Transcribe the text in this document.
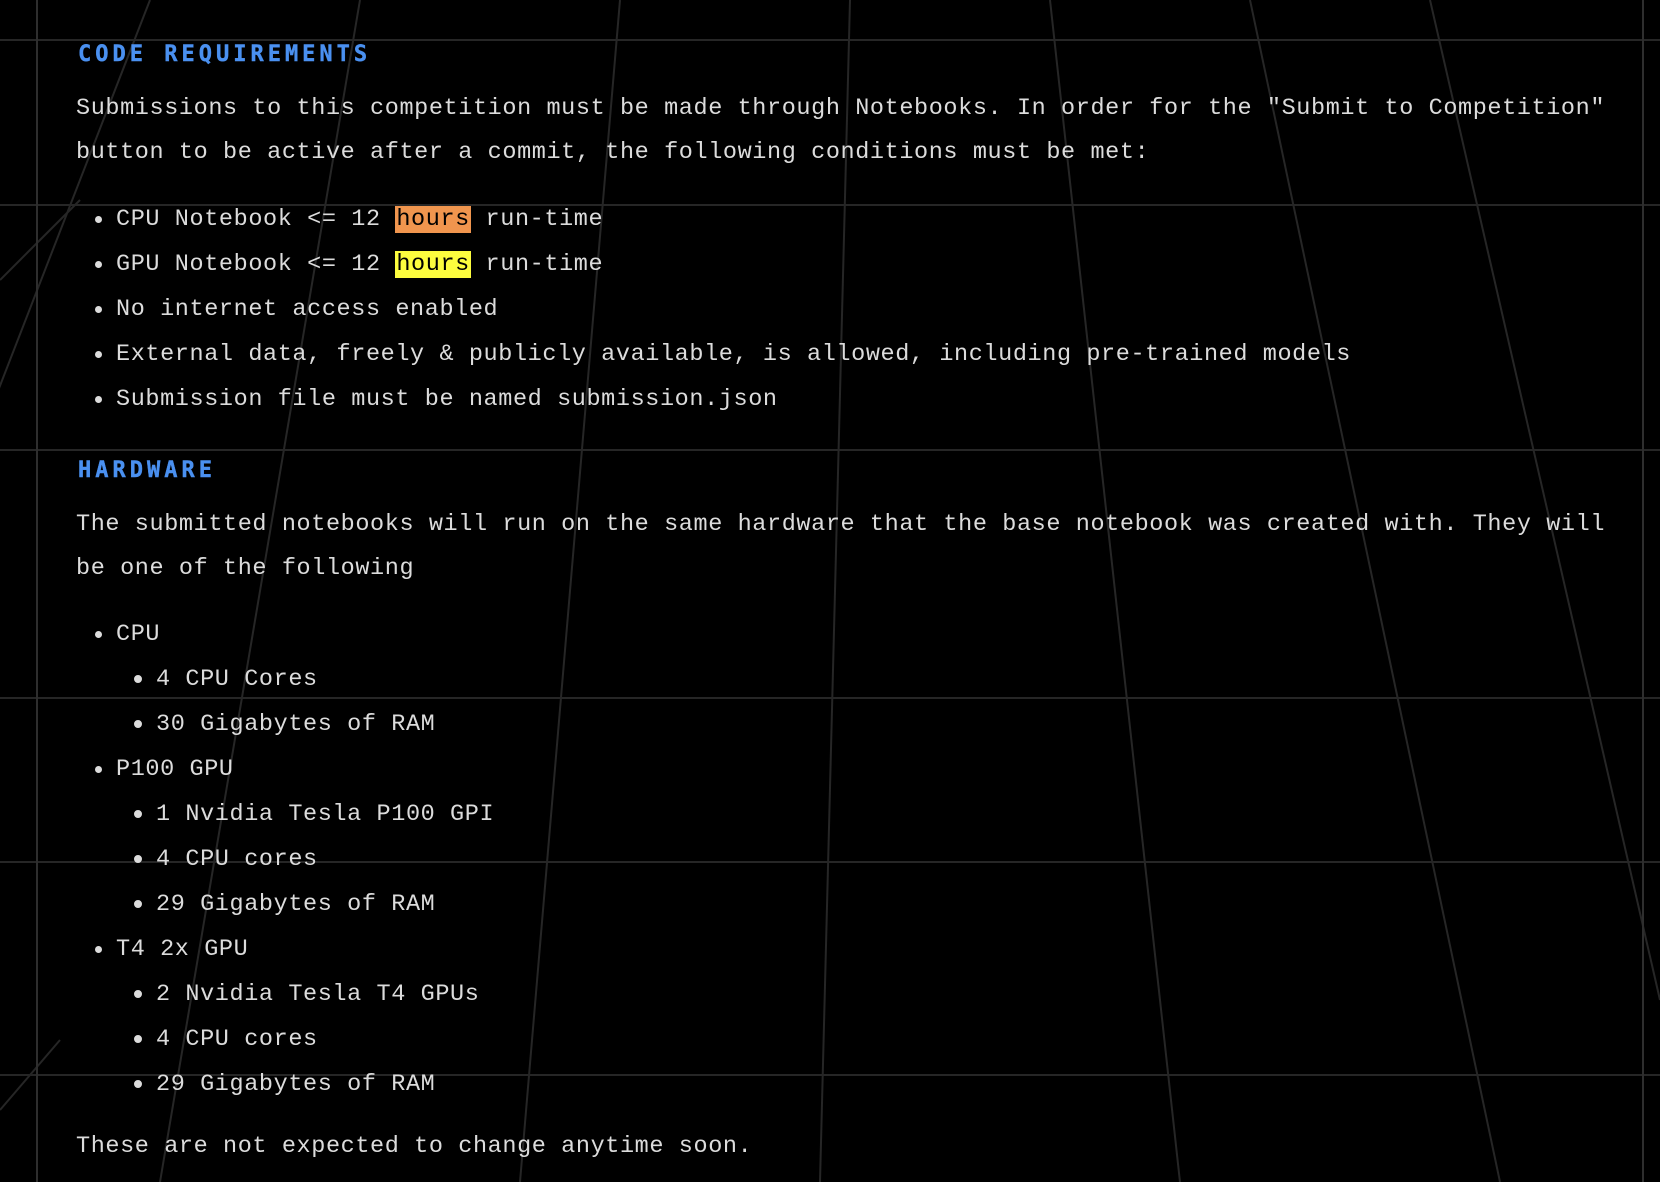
CODE REQUIREMENTS

Submissions to this competition must be made through Notebooks. In order for the "Submit to Competition" button to be active after a commit, the following conditions must be met:

CPU Notebook <= 12 hours run-time
GPU Notebook <= 12 hours run-time
No internet access enabled
External data, freely & publicly available, is allowed, including pre-trained models
Submission file must be named submission.json
HARDWARE

The submitted notebooks will run on the same hardware that the base notebook was created with. They will be one of the following

CPU
4 CPU Cores
30 Gigabytes of RAM
P100 GPU
1 Nvidia Tesla P100 GPI
4 CPU cores
29 Gigabytes of RAM
T4 2x GPU
2 Nvidia Tesla T4 GPUs
4 CPU cores
29 Gigabytes of RAM

These are not expected to change anytime soon.
